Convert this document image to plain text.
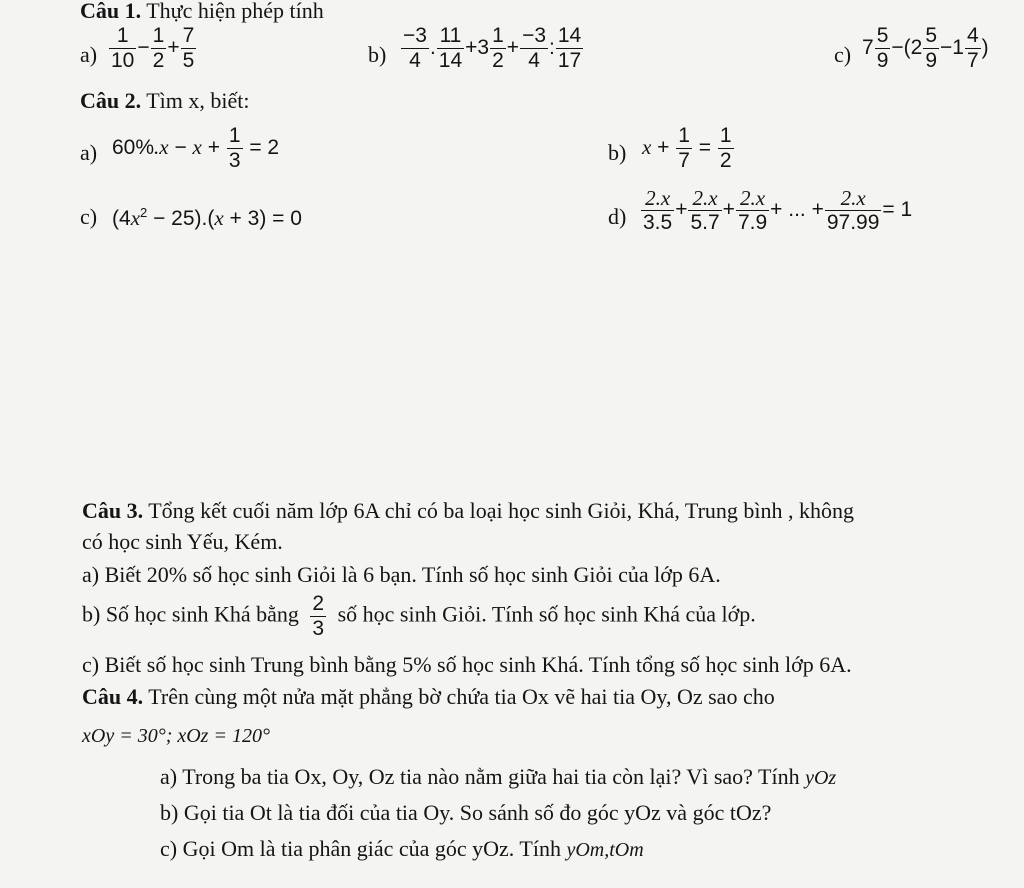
Câu 1. Thực hiện phép tính
$a) \frac{1}{10} - \frac{1}{2} + \frac{7}{5}$	$b) \frac{-3}{4}$ . $\frac{11}{14} +3 \frac{1}{2} + \frac{-3}{4}$ : $\frac{14}{17}$	c) $7 \frac{5}{9} -(2 \frac{5}{9} -1 \frac{4}{7}$ )
Câu 2. Tìm x, biết:
a) $60\%.x - x + \frac{1}{3} = 2$	b) $x + \frac{1}{7} = \frac{1}{2}$
c) $(4x^2 - 25).(x + 3) = 0$	$d) \frac{2.x}{3.5} + \frac{2.x}{5.7} + \frac{2.x}{7.9}$ + ... + $\frac{2.x}{97.99} = 1$
Câu 3. Tổng kết cuối năm lớp 6A chỉ có ba loại học sinh Giỏi, Khá, Trung bình , không
có học sinh Yếu, Kém.
a) Biết 20% số học sinh Giỏi là 6 bạn. Tính số học sinh Giỏi của lớp 6A.
b) Số học sinh Khá bằng $\frac{2}{3}$ số học sinh Giỏi. Tính số học sinh Khá của lớp.
c) Biết số học sinh Trung bình bằng 5% số học sinh Khá. Tính tổng số học sinh lớp 6A.
Câu 4. Trên cùng một nửa mặt phẳng bờ chứa tia Ox vẽ hai tia Oy, Oz sao cho
xOy = 30°; xOz = 120°
a) Trong ba tia Ox, Oy, Oz tia nào nằm giữa hai tia còn lại? Vì sao? Tính yOz
b) Gọi tia Ot là tia đối của tia Oy. So sánh số đo góc yOz và góc tOz?
c) Gọi Om là tia phân giác của góc yOz. Tính yOm,tOm
